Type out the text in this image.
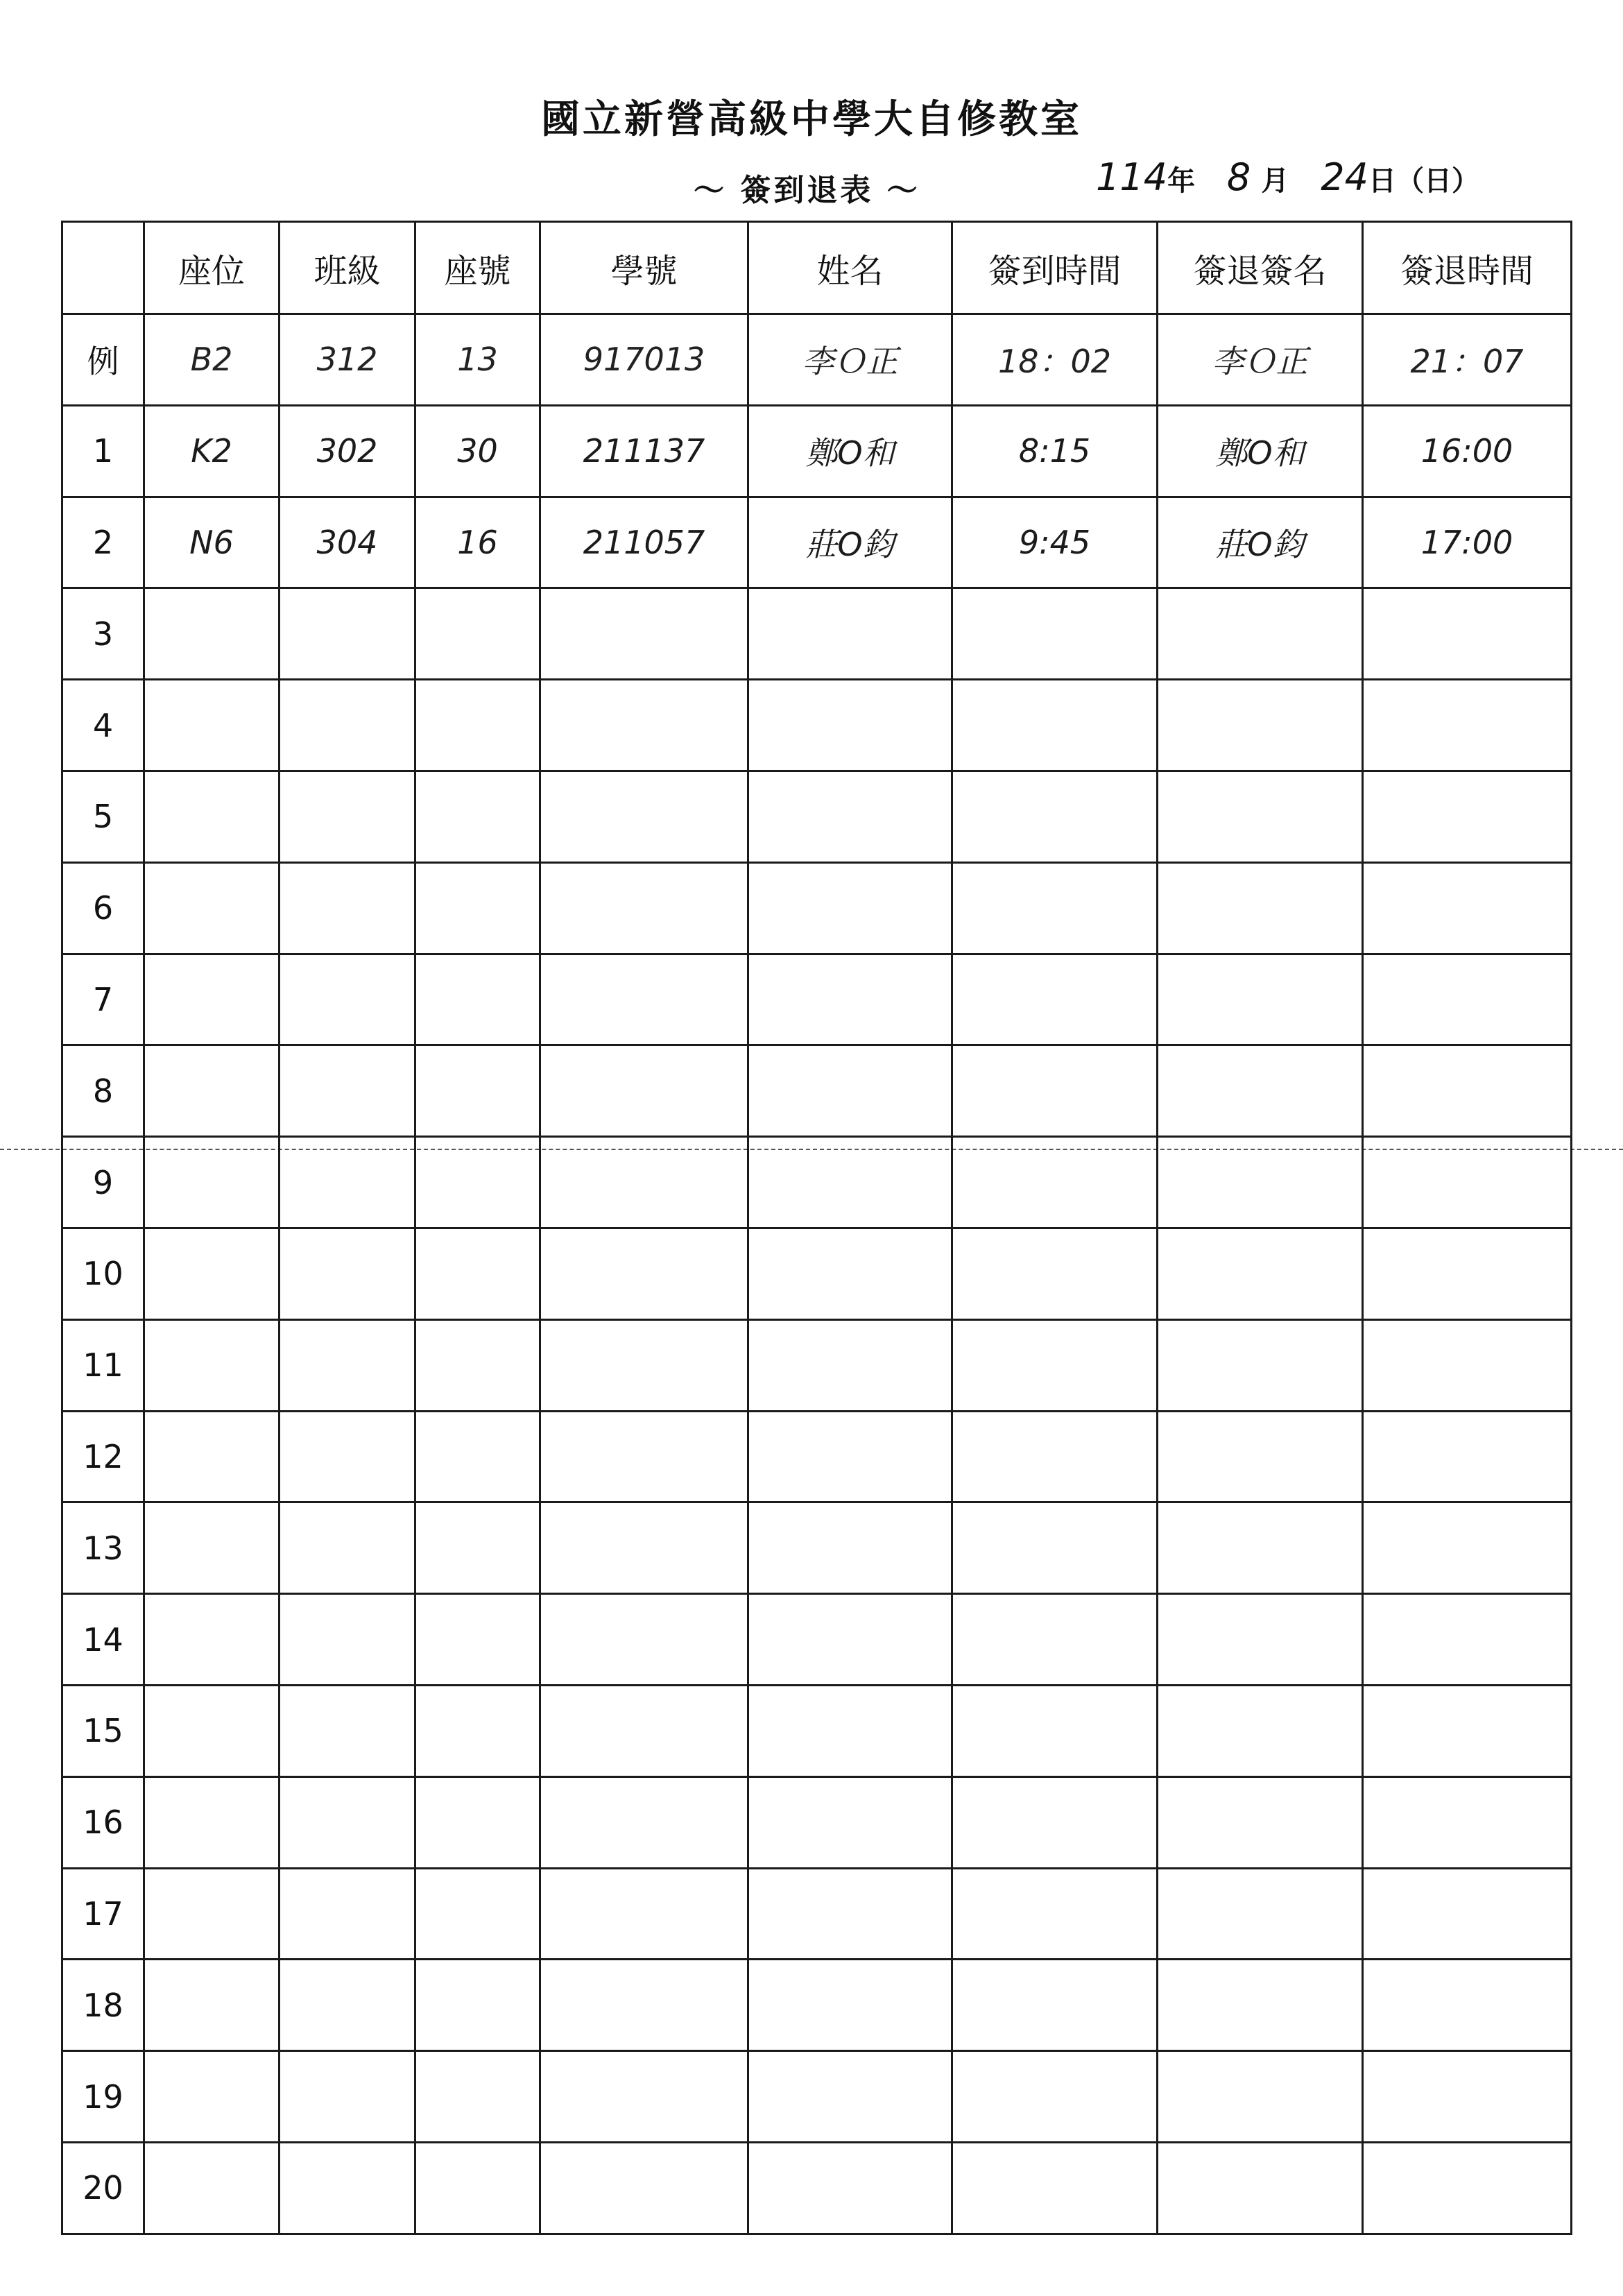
國立新營高級中學大自修教室
～ 簽到退表 ～	114年 8 月 24日（日）
	座位	班級	座號	學號	姓名	簽到時間	簽退簽名	簽退時間
例	B2	312	13	917013	李Ｏ正	18：02	李Ｏ正	21：07
1	K2	302	30	211137	鄭O和	8:15	鄭O和	16:00
2	N6	304	16	211057	莊O鈞	9:45	莊O鈞	17:00
3								
4								
5								
6								
7								
8								
9								
10								
11								
12								
13								
14								
15								
16								
17								
18								
19								
20								
